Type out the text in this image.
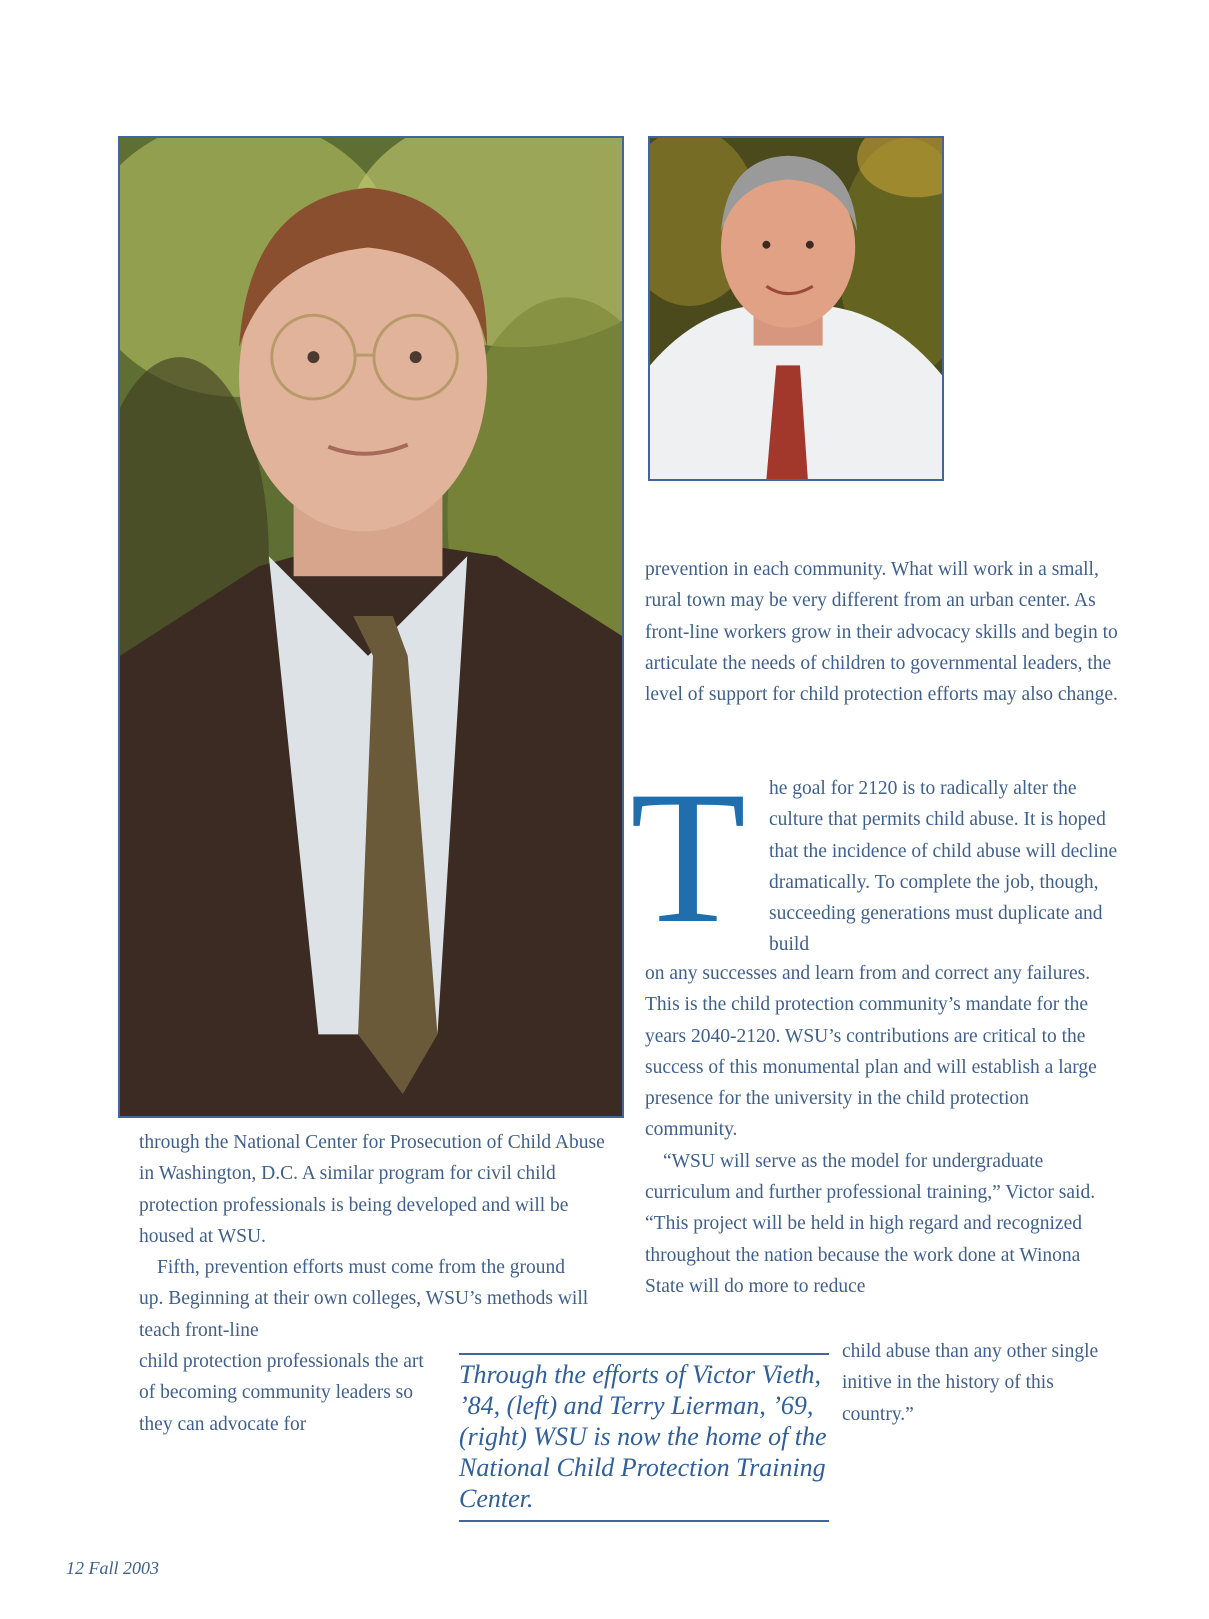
prevention in each community. What will work in a small, rural town may be very different from an urban center. As front-line workers grow in their advocacy skills and begin to articulate the needs of children to governmental leaders, the level of support for child protection efforts may also change.

T he goal for 2120 is to radically alter the culture that permits child abuse. It is hoped that the incidence of child abuse will decline dramatically. To complete the job, though, succeeding generations must duplicate and build

on any successes and learn from and correct any failures. This is the child protection community’s mandate for the years 2040-2120. WSU’s contributions are critical to the success of this monumental plan and will establish a large presence for the university in the child protection community.

“WSU will serve as the model for undergraduate curriculum and further professional training,” Victor said. “This project will be held in high regard and recognized throughout the nation because the work done at Winona State will do more to reduce

child abuse than any other single initive in the history of this country.”

through the National Center for Prosecution of Child Abuse in Washington, D.C. A similar program for civil child protection professionals is being developed and will be housed at WSU.

Fifth, prevention efforts must come from the ground up. Beginning at their own colleges, WSU’s methods will teach front-line

child protection professionals the art of becoming community leaders so they can advocate for

Through the efforts of Victor Vieth, ’84, (left) and Terry Lierman, ’69, (right) WSU is now the home of the National Child Protection Training Center.
12 Fall 2003
